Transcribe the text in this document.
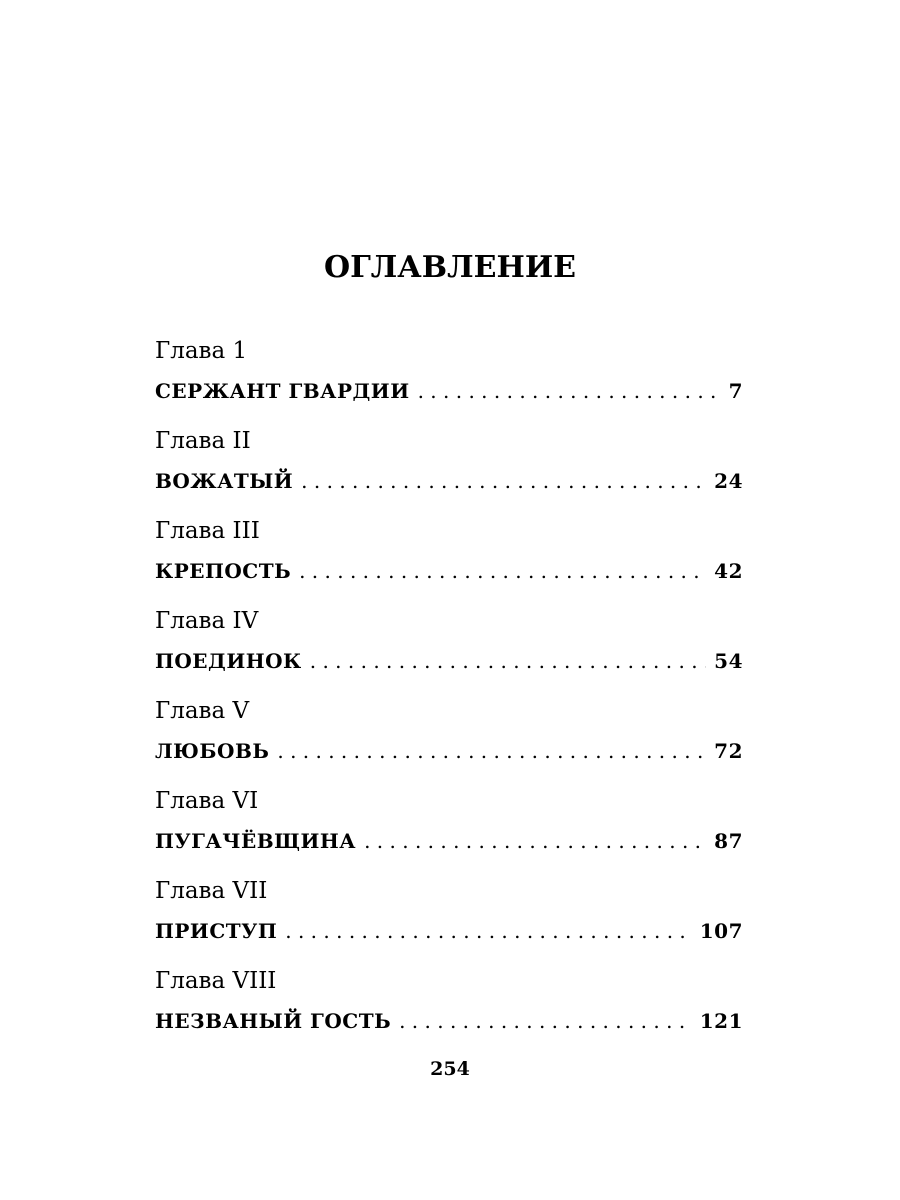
ОГЛАВЛЕНИЕ
Глава 1
СЕРЖАНТ ГВАРДИИ . . .	7
Глава II
ВОЖАТЫЙ . . .	24
Глава III
КРЕПОСТЬ . . .	42
Глава IV
ПОЕДИНОК . . .	54
Глава V
ЛЮБОВЬ . . .	72
Глава VI
ПУГАЧЁВЩИНА . . .	87
Глава VII
ПРИСТУП . . .	107
Глава VIII
НЕЗВАНЫЙ ГОСТЬ . . .	121
254
